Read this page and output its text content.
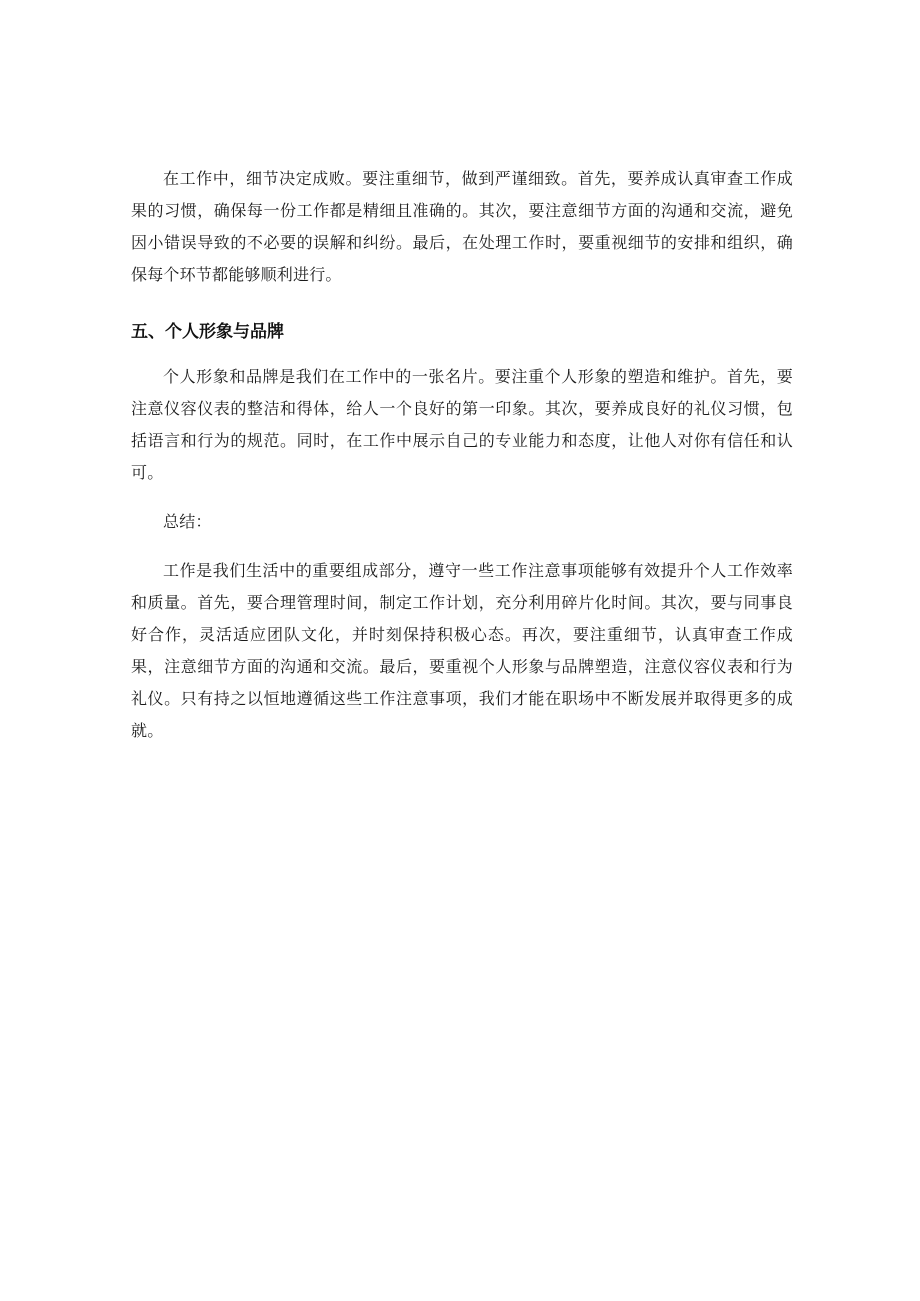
在工作中，细节决定成败。要注重细节，做到严谨细致。首先，要养成认真审查工作成果的习惯，确保每一份工作都是精细且准确的。其次，要注意细节方面的沟通和交流，避免因小错误导致的不必要的误解和纠纷。最后，在处理工作时，要重视细节的安排和组织，确保每个环节都能够顺利进行。

五、个人形象与品牌

个人形象和品牌是我们在工作中的一张名片。要注重个人形象的塑造和维护。首先，要注意仪容仪表的整洁和得体，给人一个良好的第一印象。其次，要养成良好的礼仪习惯，包括语言和行为的规范。同时，在工作中展示自己的专业能力和态度，让他人对你有信任和认可。

总结：

工作是我们生活中的重要组成部分，遵守一些工作注意事项能够有效提升个人工作效率和质量。首先，要合理管理时间，制定工作计划，充分利用碎片化时间。其次，要与同事良好合作，灵活适应团队文化，并时刻保持积极心态。再次，要注重细节，认真审查工作成果，注意细节方面的沟通和交流。最后，要重视个人形象与品牌塑造，注意仪容仪表和行为礼仪。只有持之以恒地遵循这些工作注意事项，我们才能在职场中不断发展并取得更多的成就。
